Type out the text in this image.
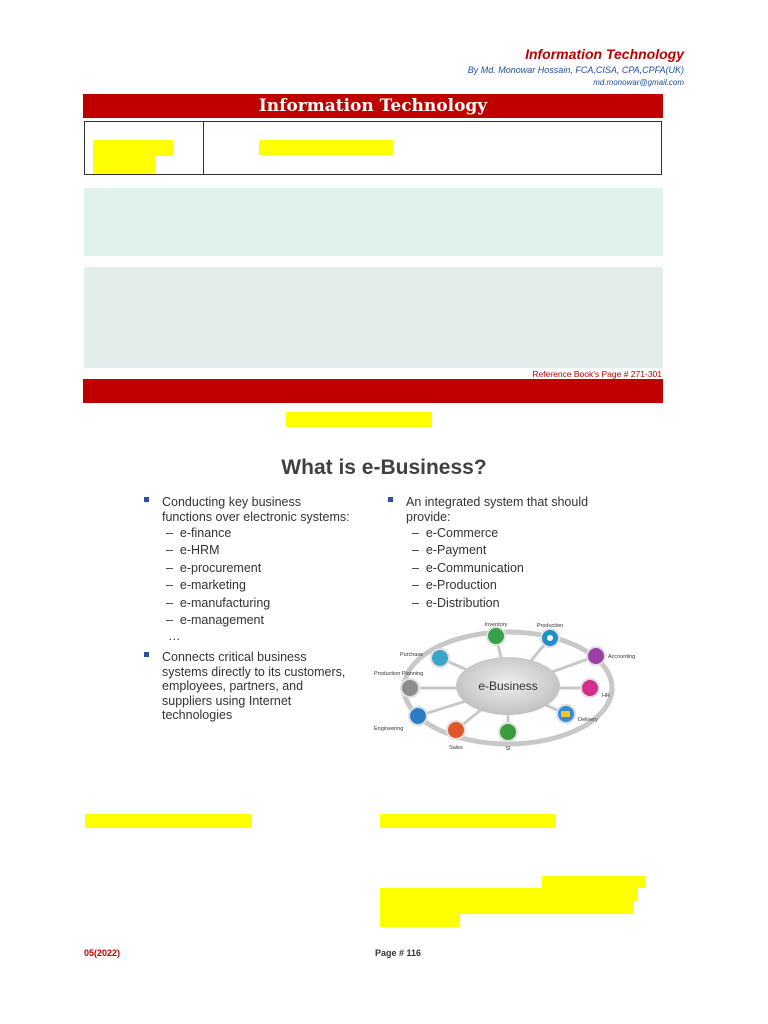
Information Technology
By Md. Monowar Hossain, FCA,CISA, CPA,CPFA(UK)
md.monowar@gmail.com
Information Technology
Reference Book's Page # 271-301
What is e-Business?
Conducting key business
functions over electronic systems:
–  e-finance
–  e-HRM
–  e-procurement
–  e-marketing
–  e-manufacturing
–  e-management
…
Connects critical business
systems directly to its customers,
employees, partners, and
suppliers using Internet
technologies
An integrated system that should
provide:
–  e-Commerce
–  e-Payment
–  e-Communication
–  e-Production
–  e-Distribution
e-Business
Inventory	Production
Accounting
HR
Delivery
SI
Sales
Engineering
Production Planning
Purchase
05(2022)	Page # 116
